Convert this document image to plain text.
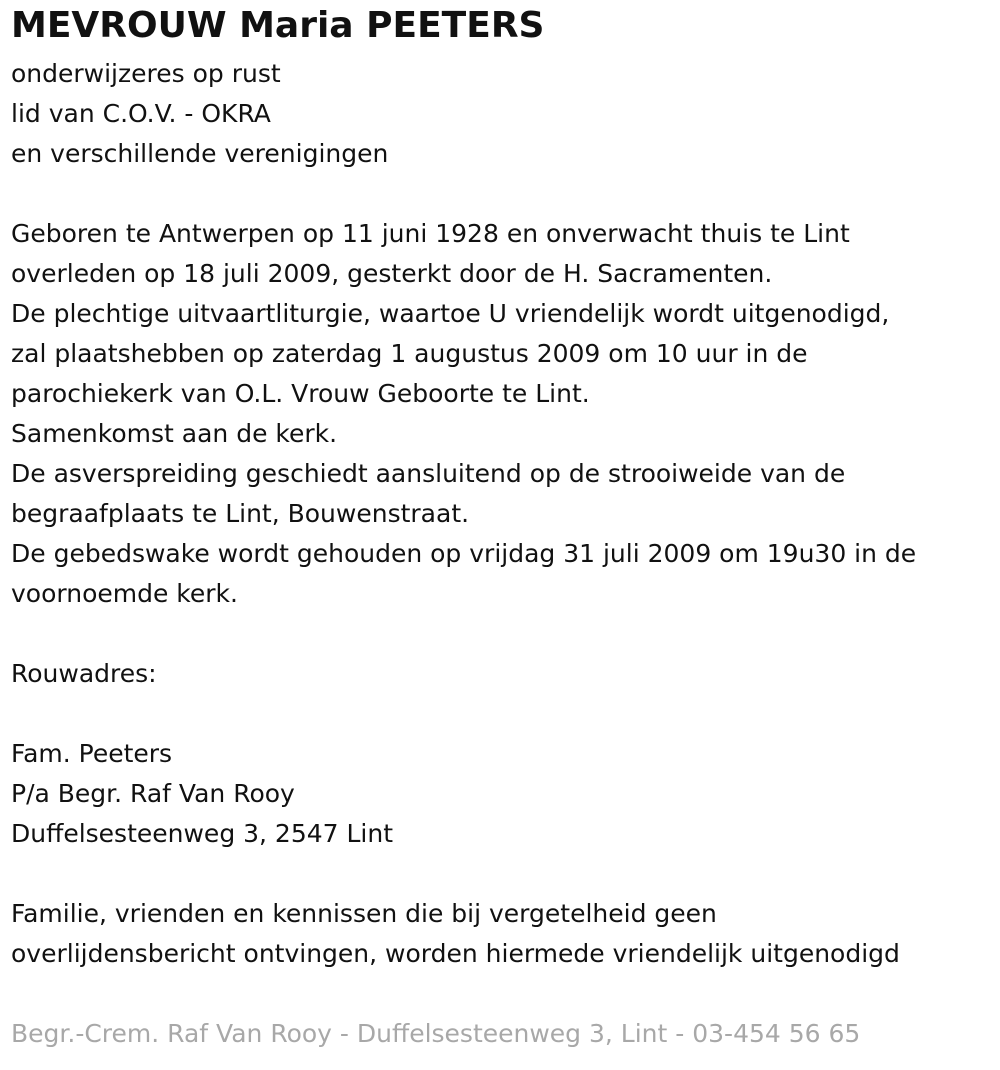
MEVROUW Maria PEETERS
onderwijzeres op rust
lid van C.O.V. - OKRA
en verschillende verenigingen
Geboren te Antwerpen op 11 juni 1928 en onverwacht thuis te Lint
overleden op 18 juli 2009, gesterkt door de H. Sacramenten.
De plechtige uitvaartliturgie, waartoe U vriendelijk wordt uitgenodigd,
zal plaatshebben op zaterdag 1 augustus 2009 om 10 uur in de
parochiekerk van O.L. Vrouw Geboorte te Lint.
Samenkomst aan de kerk.
De asverspreiding geschiedt aansluitend op de strooiweide van de
begraafplaats te Lint, Bouwenstraat.
De gebedswake wordt gehouden op vrijdag 31 juli 2009 om 19u30 in de
voornoemde kerk.
Rouwadres:
Fam. Peeters
P/a Begr. Raf Van Rooy
Duffelsesteenweg 3, 2547 Lint
Familie, vrienden en kennissen die bij vergetelheid geen
overlijdensbericht ontvingen, worden hiermede vriendelijk uitgenodigd
Begr.-Crem. Raf Van Rooy - Duffelsesteenweg 3, Lint - 03-454 56 65
